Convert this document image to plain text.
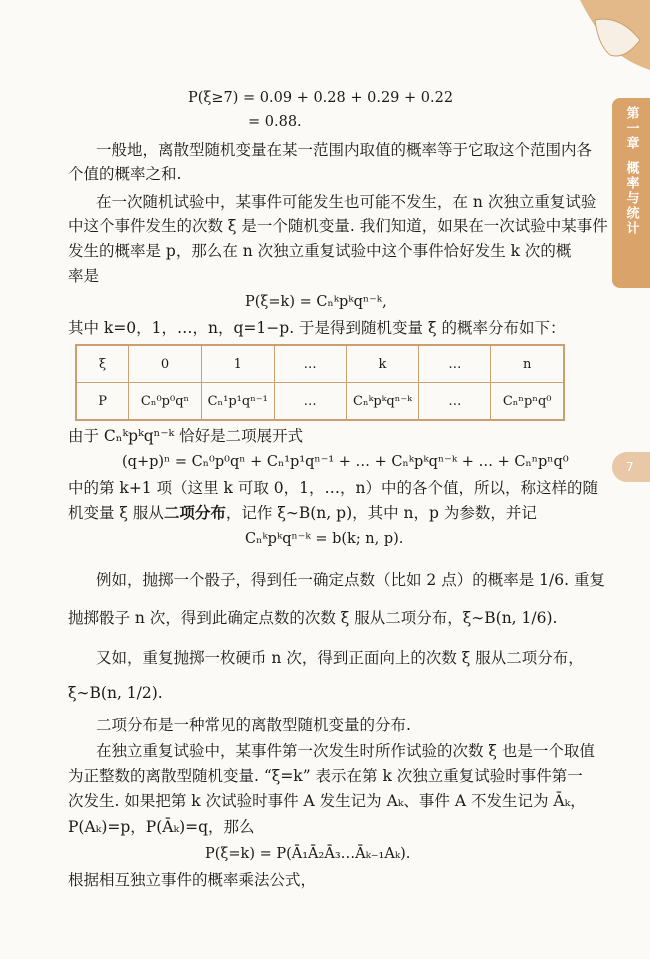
第一章
概率与统计
7
P(ξ≥7) = 0.09 + 0.28 + 0.29 + 0.22
= 0.88.
一般地，离散型随机变量在某一范围内取值的概率等于它取这个范围内各
个值的概率之和.
在一次随机试验中，某事件可能发生也可能不发生，在 n 次独立重复试验
中这个事件发生的次数 ξ 是一个随机变量. 我们知道，如果在一次试验中某事件
发生的概率是 p，那么在 n 次独立重复试验中这个事件恰好发生 k 次的概
率是
P(ξ=k) = Cₙᵏpᵏqⁿ⁻ᵏ,
其中 k=0，1，…，n，q=1−p. 于是得到随机变量 ξ 的概率分布如下：
ξ	0	1	…	k	…	n
P	Cₙ⁰p⁰qⁿ	Cₙ¹p¹qⁿ⁻¹	…	Cₙᵏpᵏqⁿ⁻ᵏ	…	Cₙⁿpⁿq⁰
由于 Cₙᵏpᵏqⁿ⁻ᵏ 恰好是二项展开式
(q+p)ⁿ = Cₙ⁰p⁰qⁿ + Cₙ¹p¹qⁿ⁻¹ + … + Cₙᵏpᵏqⁿ⁻ᵏ + … + Cₙⁿpⁿq⁰
中的第 k+1 项（这里 k 可取 0，1，…，n）中的各个值，所以，称这样的随
机变量 ξ 服从二项分布，记作 ξ∼B(n, p)，其中 n，p 为参数，并记
Cₙᵏpᵏqⁿ⁻ᵏ = b(k; n, p).
例如，抛掷一个骰子，得到任一确定点数（比如 2 点）的概率是 1/6. 重复
抛掷骰子 n 次，得到此确定点数的次数 ξ 服从二项分布，ξ∼B(n, 1/6).
又如，重复抛掷一枚硬币 n 次，得到正面向上的次数 ξ 服从二项分布，
ξ∼B(n, 1/2).
二项分布是一种常见的离散型随机变量的分布.
在独立重复试验中，某事件第一次发生时所作试验的次数 ξ 也是一个取值
为正整数的离散型随机变量. “ξ=k” 表示在第 k 次独立重复试验时事件第一
次发生. 如果把第 k 次试验时事件 A 发生记为 Aₖ、事件 A 不发生记为 Āₖ，
P(Aₖ)=p，P(Āₖ)=q，那么
P(ξ=k) = P(Ā₁Ā₂Ā₃…Āₖ₋₁Aₖ).
根据相互独立事件的概率乘法公式，
